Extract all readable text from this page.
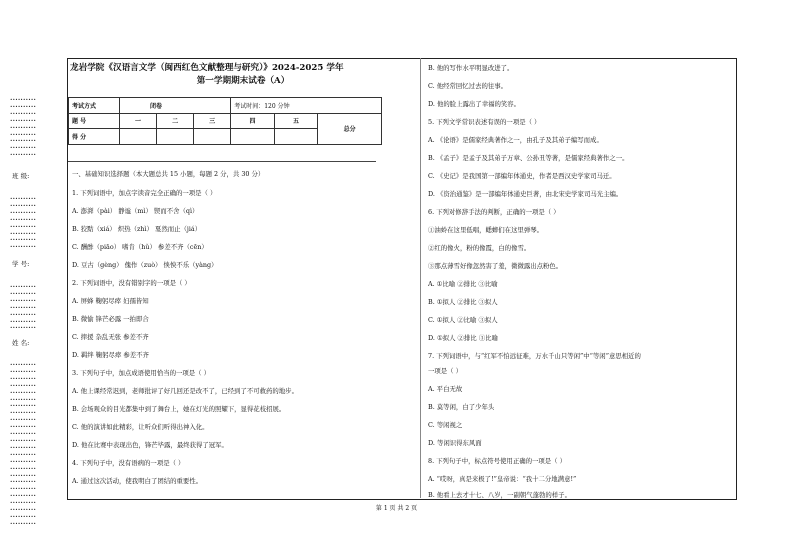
••••••••••
••••••••••
••••••••••
••••••••••
••••••••••
••••••••••
••••••••••
••••••••••
••••••••••
班 级:
••••••••••
••••••••••
••••••••••
••••••••••
••••••••••
••••••••••
••••••••••
••••••••••
学 号:
••••••••••
••••••••••
••••••••••
••••••••••
••••••••••
••••••••••
••••••••••
姓 名:
••••••••••
••••••••••
••••••••••
••••••••••
••••••••••
••••••••••
••••••••••
••••••••••
••••••••••
••••••••••
••••••••••
••••••••••
••••••••••
••••••••••
••••••••••
••••••••••
••••••••••
••••••••••
••••••••••
••••••••••
••••••••••
••••••••••
••••••••••
••••••••••
龙岩学院《汉语言文学（闽西红色文献整理与研究）》2024-2025 学年
第一学期期末试卷（A）
考试方式	闭卷			考试时间：120 分钟		
题 号	一	二	三	四	五	总分
得 分						
一、基础知识选择题（本大题总共 15 小题，每题 2 分，共 30 分）
1. 下列词语中，加点字读音完全正确的一项是（ ）
A. 澎湃（pài） 静谧（mì） 锲而不舍（qì）
B. 狡黠（xiá） 炽热（zhì） 戛然而止（jiá）
C. 酬酢（piāo） 嗜肯（hǔ） 参差不齐（cēn）
D. 豆古（gèng） 傀作（zuò） 怏怏不乐（yàng）
2. 下列词语中，没有错别字的一项是（ ）
A. 屏蜂 鞠躬尽瘁 妇孺皆知
B. 微愉 锋芒必露 一拍即合
C. 摔援 杂乱无张 参差不齐
D. 羁绊 鞠躬尽瘁 参差不齐
3. 下列句子中，加点成语使用恰当的一项是（ ）
A. 他上课经常迟到，老师批评了好几回还是改不了，已经到了不可救药的地步。
B. 会场观众的目光都集中到了舞台上，她在灯光的照耀下，显得花枝招展。
C. 他的演讲如此精彩，让听众们听得出神入化。
D. 他在比赛中表现出色，锋芒毕露，最终获得了冠军。
4. 下列句子中，没有语病的一项是（ ）
A. 通过这次活动，使我明白了团结的重要性。
B. 他的写作水平明显改进了。
C. 他经常回忆过去的往事。
D. 他的脸上露出了幸福的笑容。
5. 下列文学常识表述有误的一项是（ ）
A. 《论语》是儒家经典著作之一，由孔子及其弟子编写而成。
B. 《孟子》是孟子及其弟子万章、公孙丑等著，是儒家经典著作之一。
C. 《史记》是我国第一部编年体通史，作者是西汉史学家司马迁。
D. 《资治通鉴》是一部编年体通史巨著，由北宋史学家司马光主编。
6. 下列对修辞手法的判断，正确的一项是（ ）
①油蛉在这里低唱，蟋蟀们在这里弹琴。
②红的像火，粉的像霞，白的像雪。
③那点薄雪好像忽然害了羞，微微露出点粉色。
A. ①比喻 ②排比 ③比喻
B. ①拟人 ②排比 ③拟人
C. ①拟人 ②比喻 ③拟人
D. ①拟人 ②排比 ③比喻
7. 下列词语中，与“红军不怕远征难，万水千山只等闲”中“等闲”意思相近的
一项是（ ）
A. 平白无故
B. 莫等闲，白了少年头
C. 等闲视之
D. 等闲识得东风面
8. 下列句子中，标点符号使用正确的一项是（ ）
A. “哎呀，真是来极了!”皇帝说：“我十二分地满意!”
B. 他看上去才十七、八岁，一副朝气蓬勃的样子。
第 1 页 共 2 页
